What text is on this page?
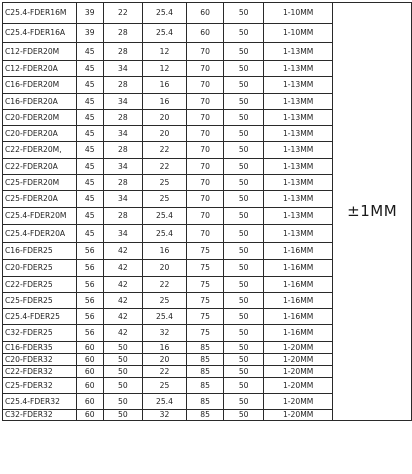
C25.4-FDER16M	39	22	25.4	60	50	1-10MM	±1MM
C25.4-FDER16A	39	28	25.4	60	50	1-10MM	
C12-FDER20M	45	28	12	70	50	1-13MM	
C12-FDER20A	45	34	12	70	50	1-13MM	
C16-FDER20M	45	28	16	70	50	1-13MM	
C16-FDER20A	45	34	16	70	50	1-13MM	
C20-FDER20M	45	28	20	70	50	1-13MM	
C20-FDER20A	45	34	20	70	50	1-13MM	
C22-FDER20M,	45	28	22	70	50	1-13MM	
C22-FDER20A	45	34	22	70	50	1-13MM	
C25-FDER20M	45	28	25	70	50	1-13MM	
C25-FDER20A	45	34	25	70	50	1-13MM	
C25.4-FDER20M	45	28	25.4	70	50	1-13MM	
C25.4-FDER20A	45	34	25.4	70	50	1-13MM	
C16-FDER25	56	42	16	75	50	1-16MM	
C20-FDER25	56	42	20	75	50	1-16MM	
C22-FDER25	56	42	22	75	50	1-16MM	
C25-FDER25	56	42	25	75	50	1-16MM	
C25.4-FDER25	56	42	25.4	75	50	1-16MM	
C32-FDER25	56	42	32	75	50	1-16MM	
C16-FDER35	60	50	16	85	50	1-20MM	
C20-FDER32	60	50	20	85	50	1-20MM	
C22-FDER32	60	50	22	85	50	1-20MM	
C25-FDER32	60	50	25	85	50	1-20MM	
C25.4-FDER32	60	50	25.4	85	50	1-20MM	
C32-FDER32	60	50	32	85	50	1-20MM	
